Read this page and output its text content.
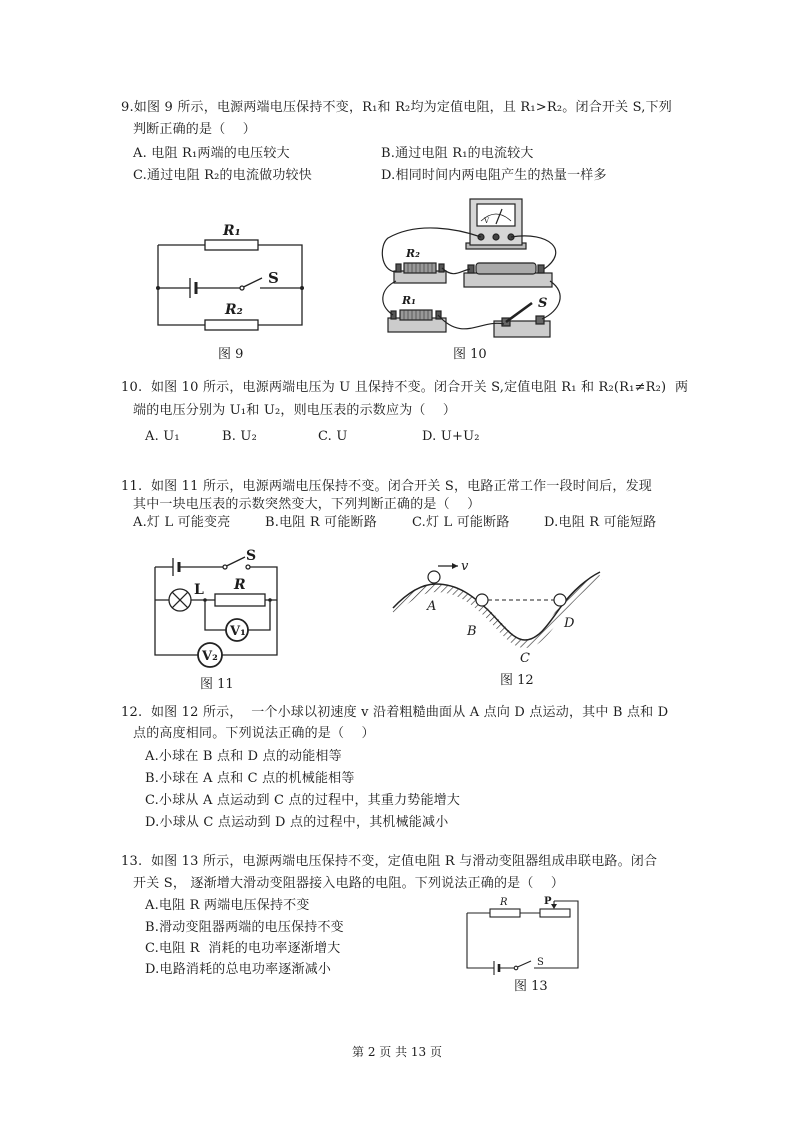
9.如图 9 所示，电源两端电压保持不变，R₁和 R₂均为定值电阻，且 R₁>R₂。闭合开关 S,下列
判断正确的是（    ）
A. 电阻 R₁两端的电压较大	B.通过电阻 R₁的电流较大
C.通过电阻 R₂的电流做功较快	D.相同时间内两电阻产生的热量一样多
R₁
R₂
S
图 9
V
R₂
R₁	S
图 10
10.  如图 10 所示，电源两端电压为 U 且保持不变。闭合开关 S,定值电阻 R₁ 和 R₂(R₁≠R₂)  两
端的电压分别为 U₁和 U₂，则电压表的示数应为（    ）
A. U₁	B. U₂	C. U	D. U+U₂
11.  如图 11 所示，电源两端电压保持不变。闭合开关 S，电路正常工作一段时间后，发现
其中一块电压表的示数突然变大，下列判断正确的是（    ）
A.灯 L 可能变亮	B.电阻 R 可能断路	C.灯 L 可能断路	D.电阻 R 可能短路
S
L R
V₁
V₂
图 11
v
A
B
C
D
图 12
12.  如图 12 所示，  一个小球以初速度 v 沿着粗糙曲面从 A 点向 D 点运动，其中 B 点和 D
点的高度相同。下列说法正确的是（    ）
A.小球在 B 点和 D 点的动能相等
B.小球在 A 点和 C 点的机械能相等
C.小球从 A 点运动到 C 点的过程中，其重力势能增大
D.小球从 C 点运动到 D 点的过程中，其机械能减小
13.  如图 13 所示，电源两端电压保持不变，定值电阻 R 与滑动变阻器组成串联电路。闭合
开关 S， 逐渐增大滑动变阻器接入电路的电阻。下列说法正确的是（    ）
A.电阻 R 两端电压保持不变
B.滑动变阻器两端的电压保持不变
C.电阻 R  消耗的电功率逐渐增大
D.电路消耗的总电功率逐渐减小
R	P
S
图 13
第 2 页 共 13 页
